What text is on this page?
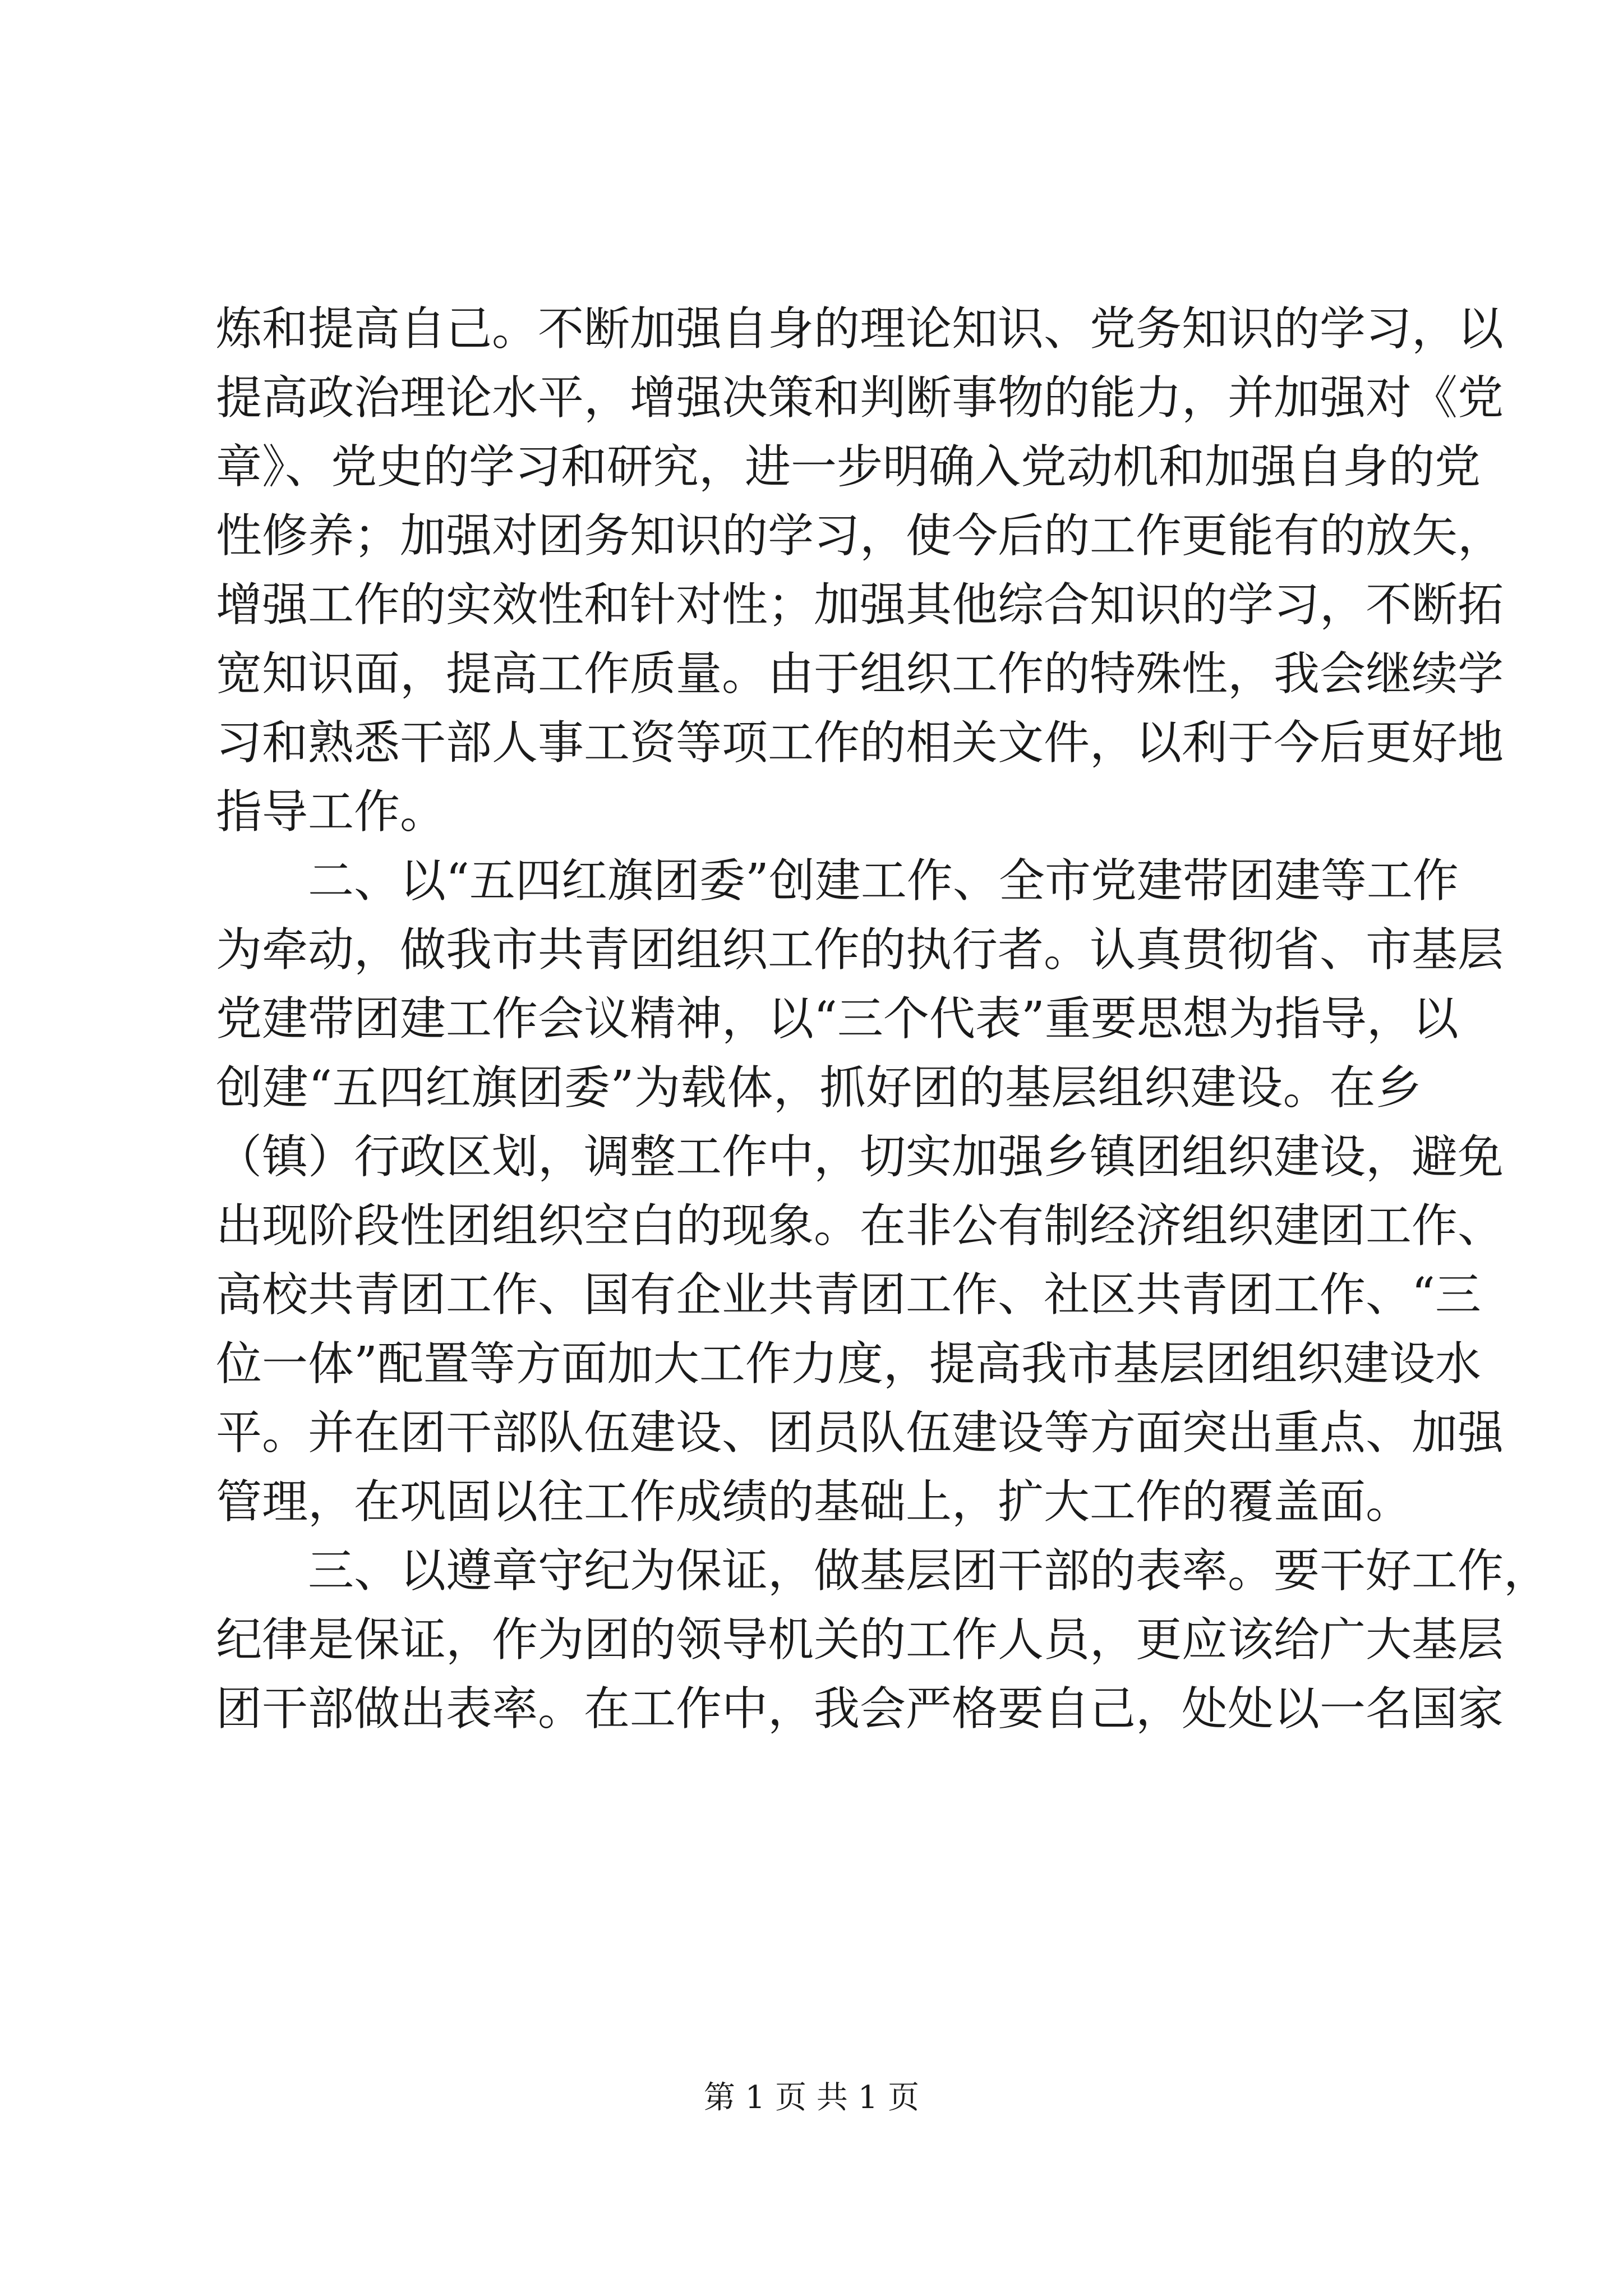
炼和提高自己。不断加强自身的理论知识、党务知识的学习，以
提高政治理论水平，增强决策和判断事物的能力，并加强对《党
章》、党史的学习和研究，进一步明确入党动机和加强自身的党
性修养；加强对团务知识的学习，使今后的工作更能有的放矢，
增强工作的实效性和针对性；加强其他综合知识的学习，不断拓
宽知识面，提高工作质量。由于组织工作的特殊性，我会继续学
习和熟悉干部人事工资等项工作的相关文件，以利于今后更好地
指导工作。
二、以“五四红旗团委”创建工作、全市党建带团建等工作
为牵动，做我市共青团组织工作的执行者。认真贯彻省、市基层
党建带团建工作会议精神，以“三个代表”重要思想为指导，以
创建“五四红旗团委”为载体，抓好团的基层组织建设。在乡
（镇）行政区划，调整工作中，切实加强乡镇团组织建设，避免
出现阶段性团组织空白的现象。在非公有制经济组织建团工作、
高校共青团工作、国有企业共青团工作、社区共青团工作、“三
位一体”配置等方面加大工作力度，提高我市基层团组织建设水
平。并在团干部队伍建设、团员队伍建设等方面突出重点、加强
管理，在巩固以往工作成绩的基础上，扩大工作的覆盖面。
三、以遵章守纪为保证，做基层团干部的表率。要干好工作，
纪律是保证，作为团的领导机关的工作人员，更应该给广大基层
团干部做出表率。在工作中，我会严格要自己，处处以一名国家
第 1 页 共 1 页
